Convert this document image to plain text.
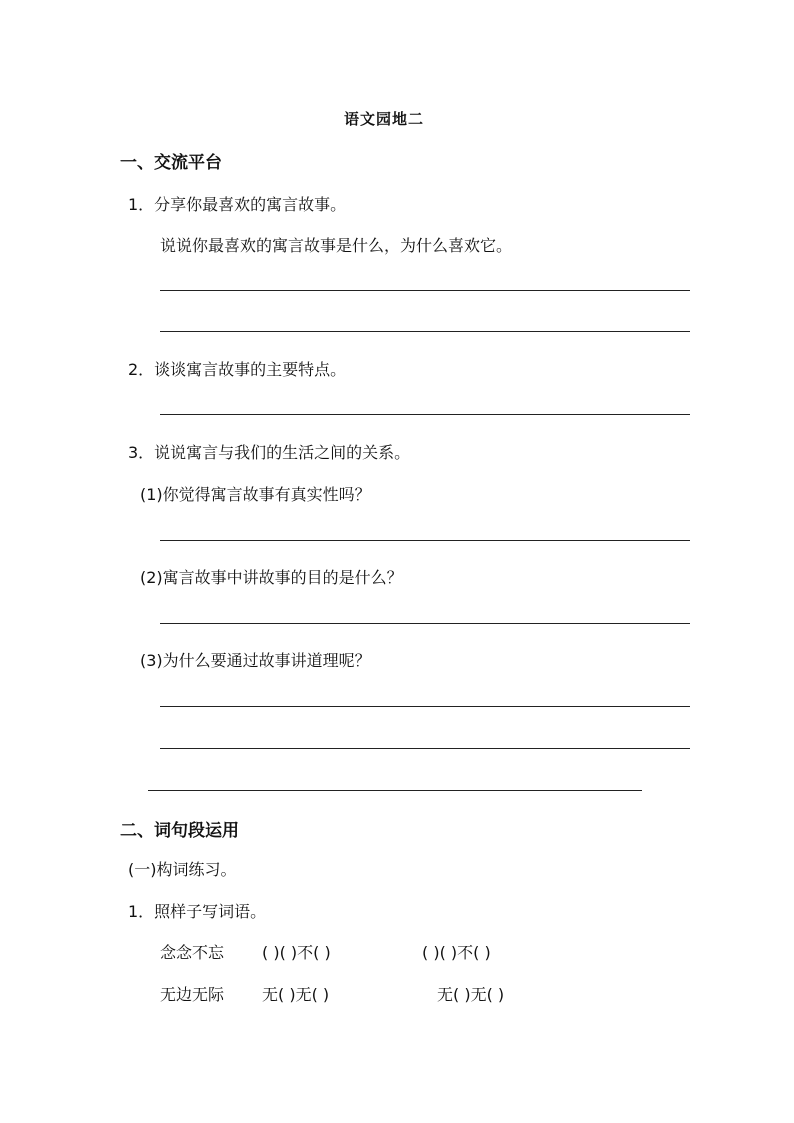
语文园地二
一、交流平台
1．分享你最喜欢的寓言故事。
说说你最喜欢的寓言故事是什么，为什么喜欢它。
2．谈谈寓言故事的主要特点。
3．说说寓言与我们的生活之间的关系。
(1)你觉得寓言故事有真实性吗？
(2)寓言故事中讲故事的目的是什么？
(3)为什么要通过故事讲道理呢？
二、词句段运用
(一)构词练习。
1．照样子写词语。
念念不忘 ( )( )不( )	( )( )不( )
无边无际 无( )无( )	无( )无( )
